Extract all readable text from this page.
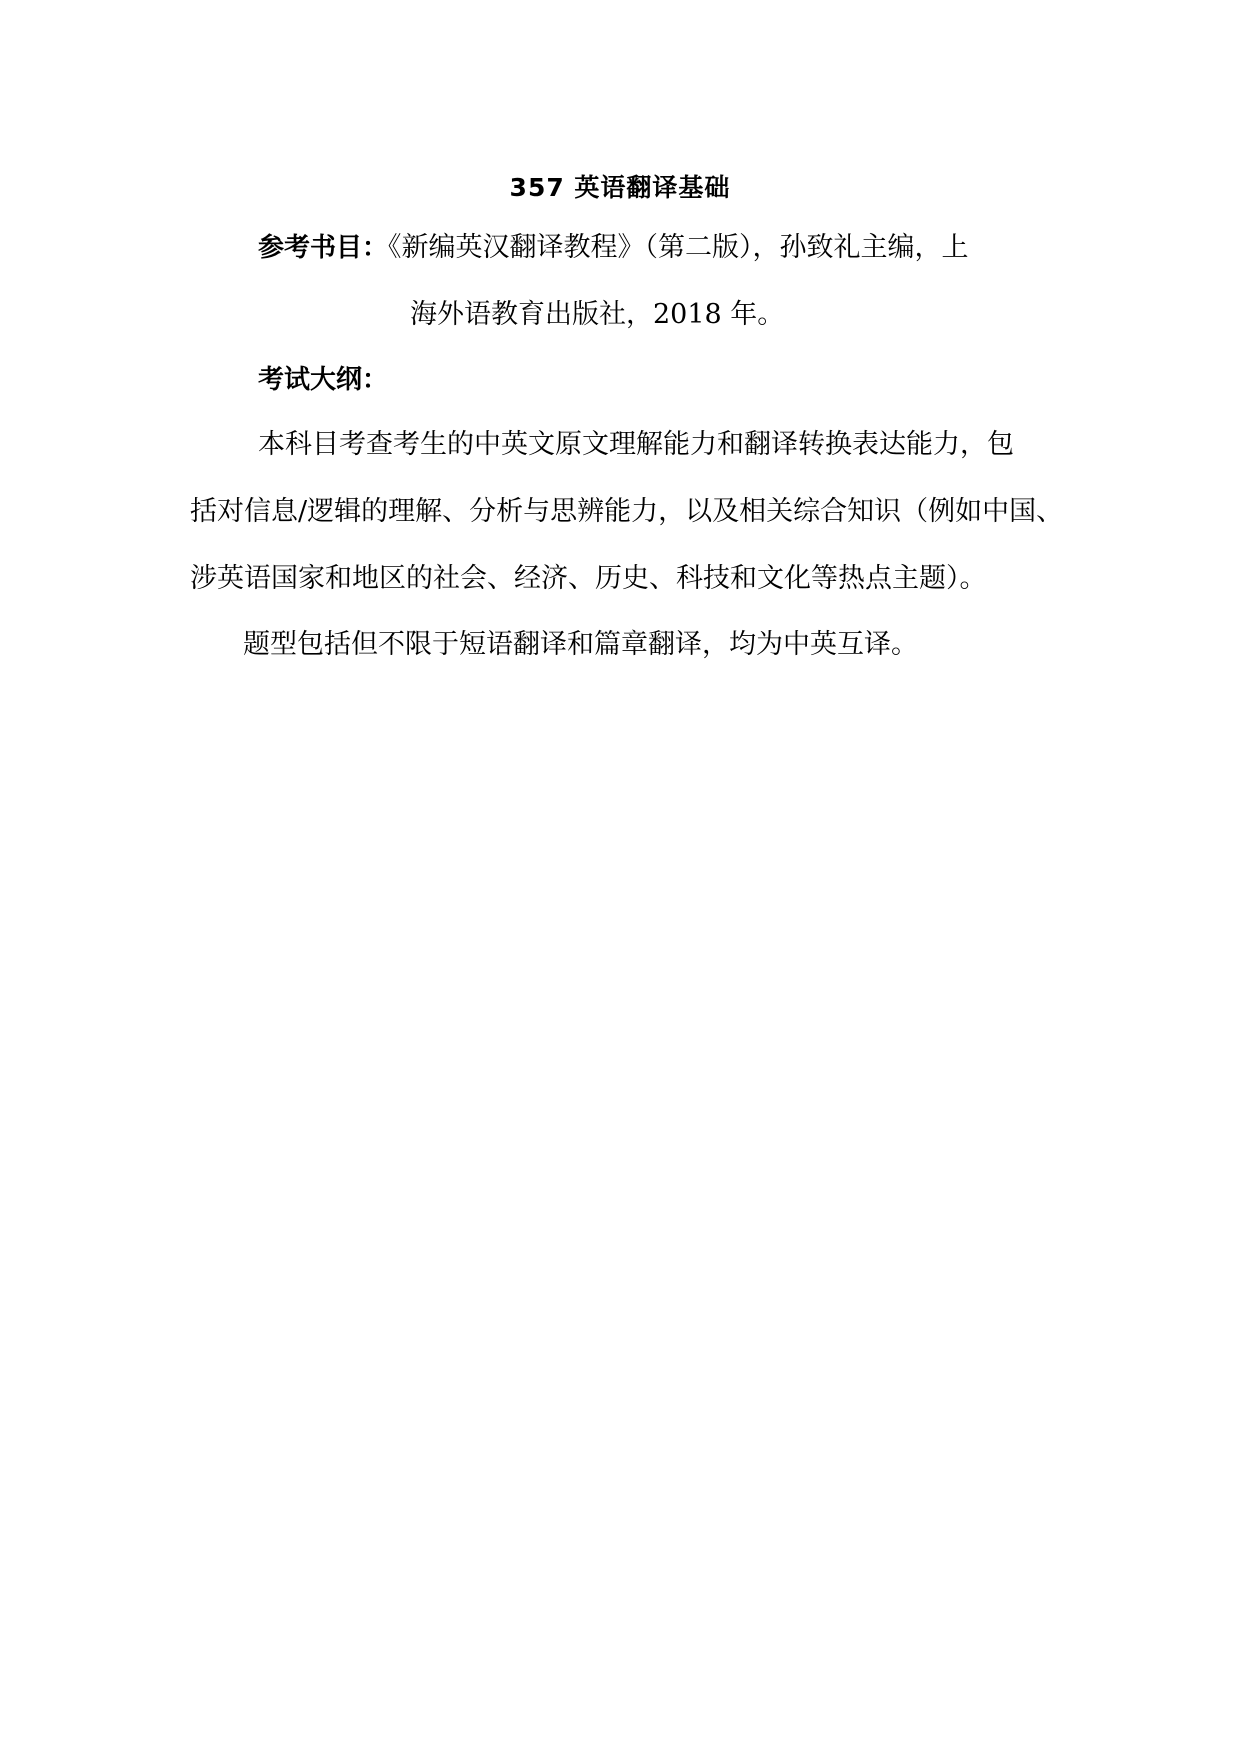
357 英语翻译基础
参考书目：《新编英汉翻译教程》（第二版），孙致礼主编，上
海外语教育出版社，2018 年。
考试大纲：
本科目考查考生的中英文原文理解能力和翻译转换表达能力，包
括对信息/逻辑的理解、分析与思辨能力，以及相关综合知识（例如中国、
涉英语国家和地区的社会、经济、历史、科技和文化等热点主题）。
题型包括但不限于短语翻译和篇章翻译，均为中英互译。
